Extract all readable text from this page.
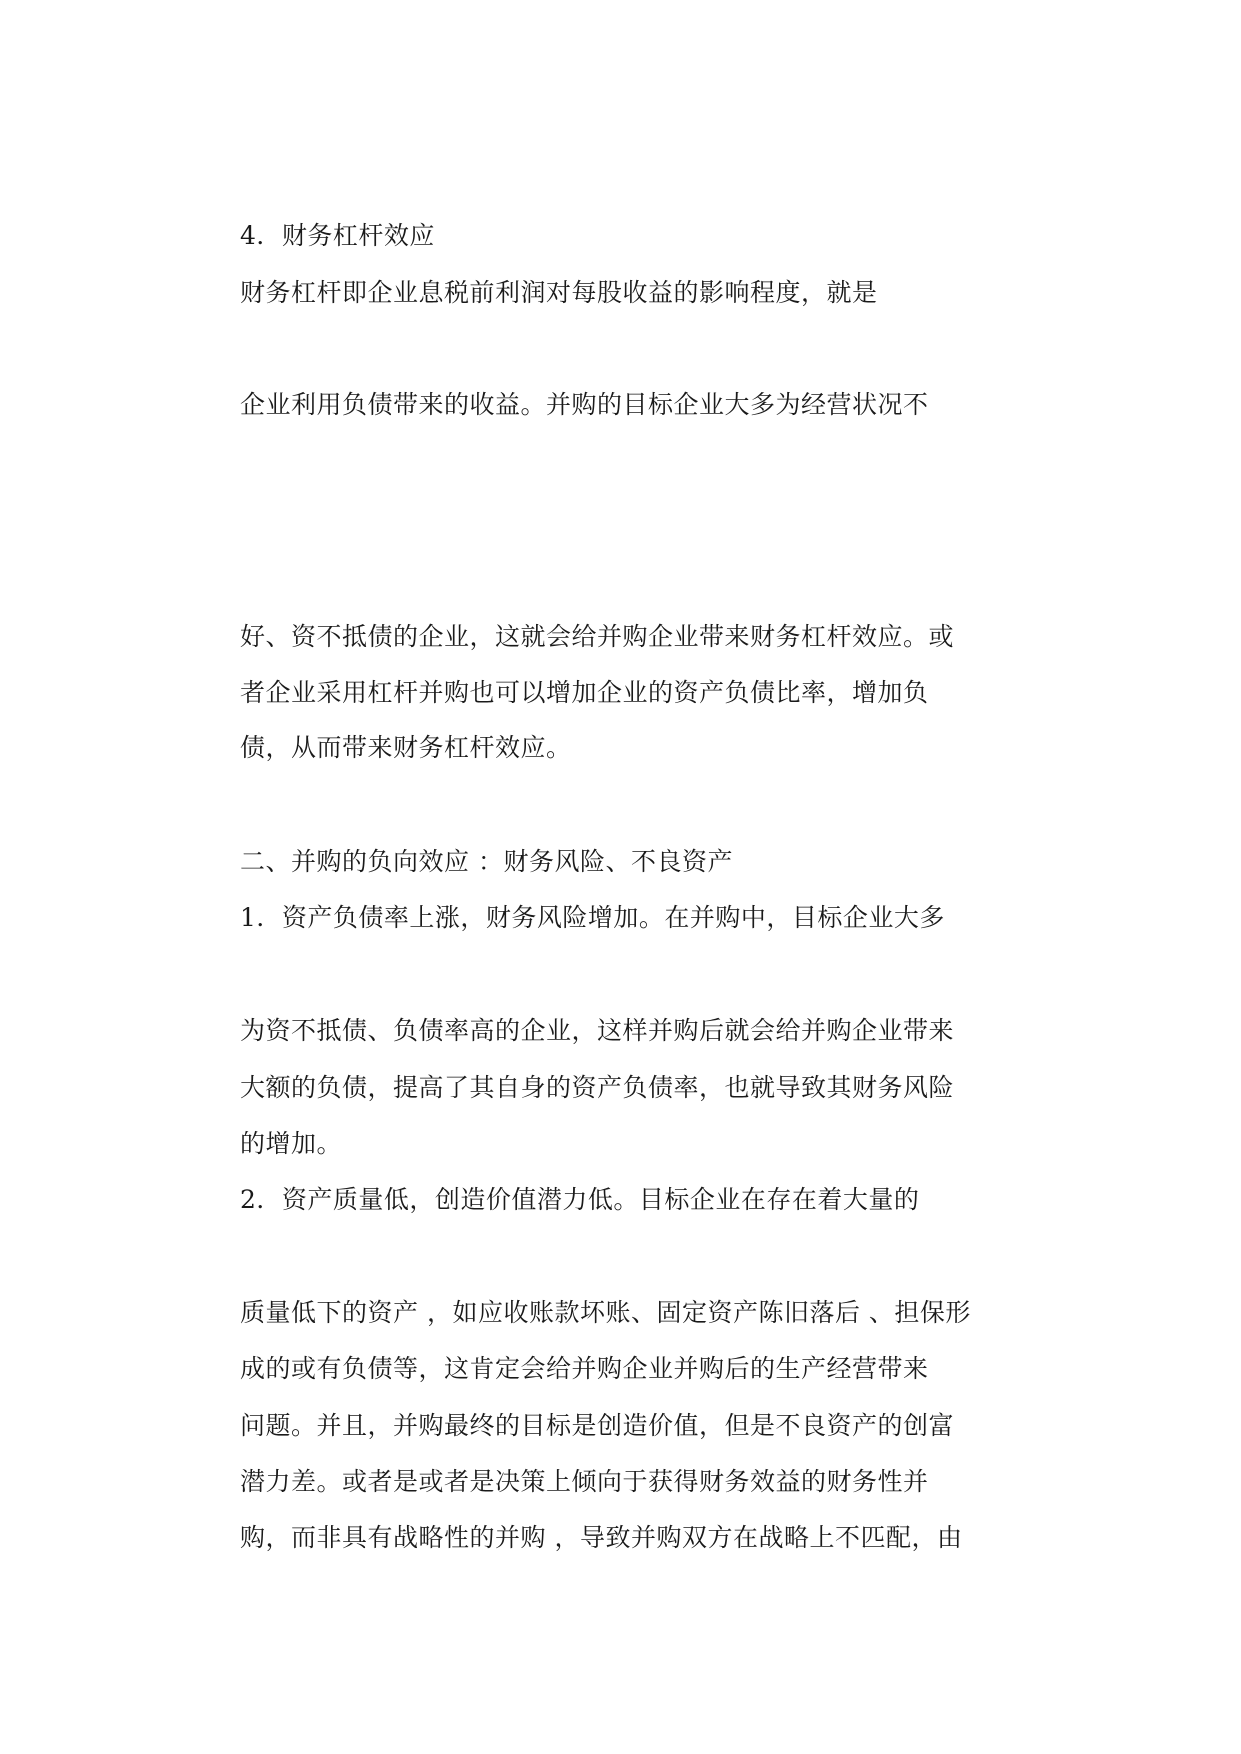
4．财务杠杆效应

财务杠杆即企业息税前利润对每股收益的影响程度，就是

企业利用负债带来的收益。并购的目标企业大多为经营状况不

好、资不抵债的企业，这就会给并购企业带来财务杠杆效应。或

者企业采用杠杆并购也可以增加企业的资产负债比率，增加负

债，从而带来财务杠杆效应。

二、并购的负向效应 ：财务风险、不良资产

1．资产负债率上涨，财务风险增加。在并购中，目标企业大多

为资不抵债、负债率高的企业，这样并购后就会给并购企业带来

大额的负债，提高了其自身的资产负债率，也就导致其财务风险

的增加。

2．资产质量低，创造价值潜力低。目标企业在存在着大量的

质量低下的资产 ，如应收账款坏账、固定资产陈旧落后 、担保形

成的或有负债等，这肯定会给并购企业并购后的生产经营带来

问题。并且，并购最终的目标是创造价值，但是不良资产的创富

潜力差。或者是或者是决策上倾向于获得财务效益的财务性并

购，而非具有战略性的并购 ，导致并购双方在战略上不匹配，由
